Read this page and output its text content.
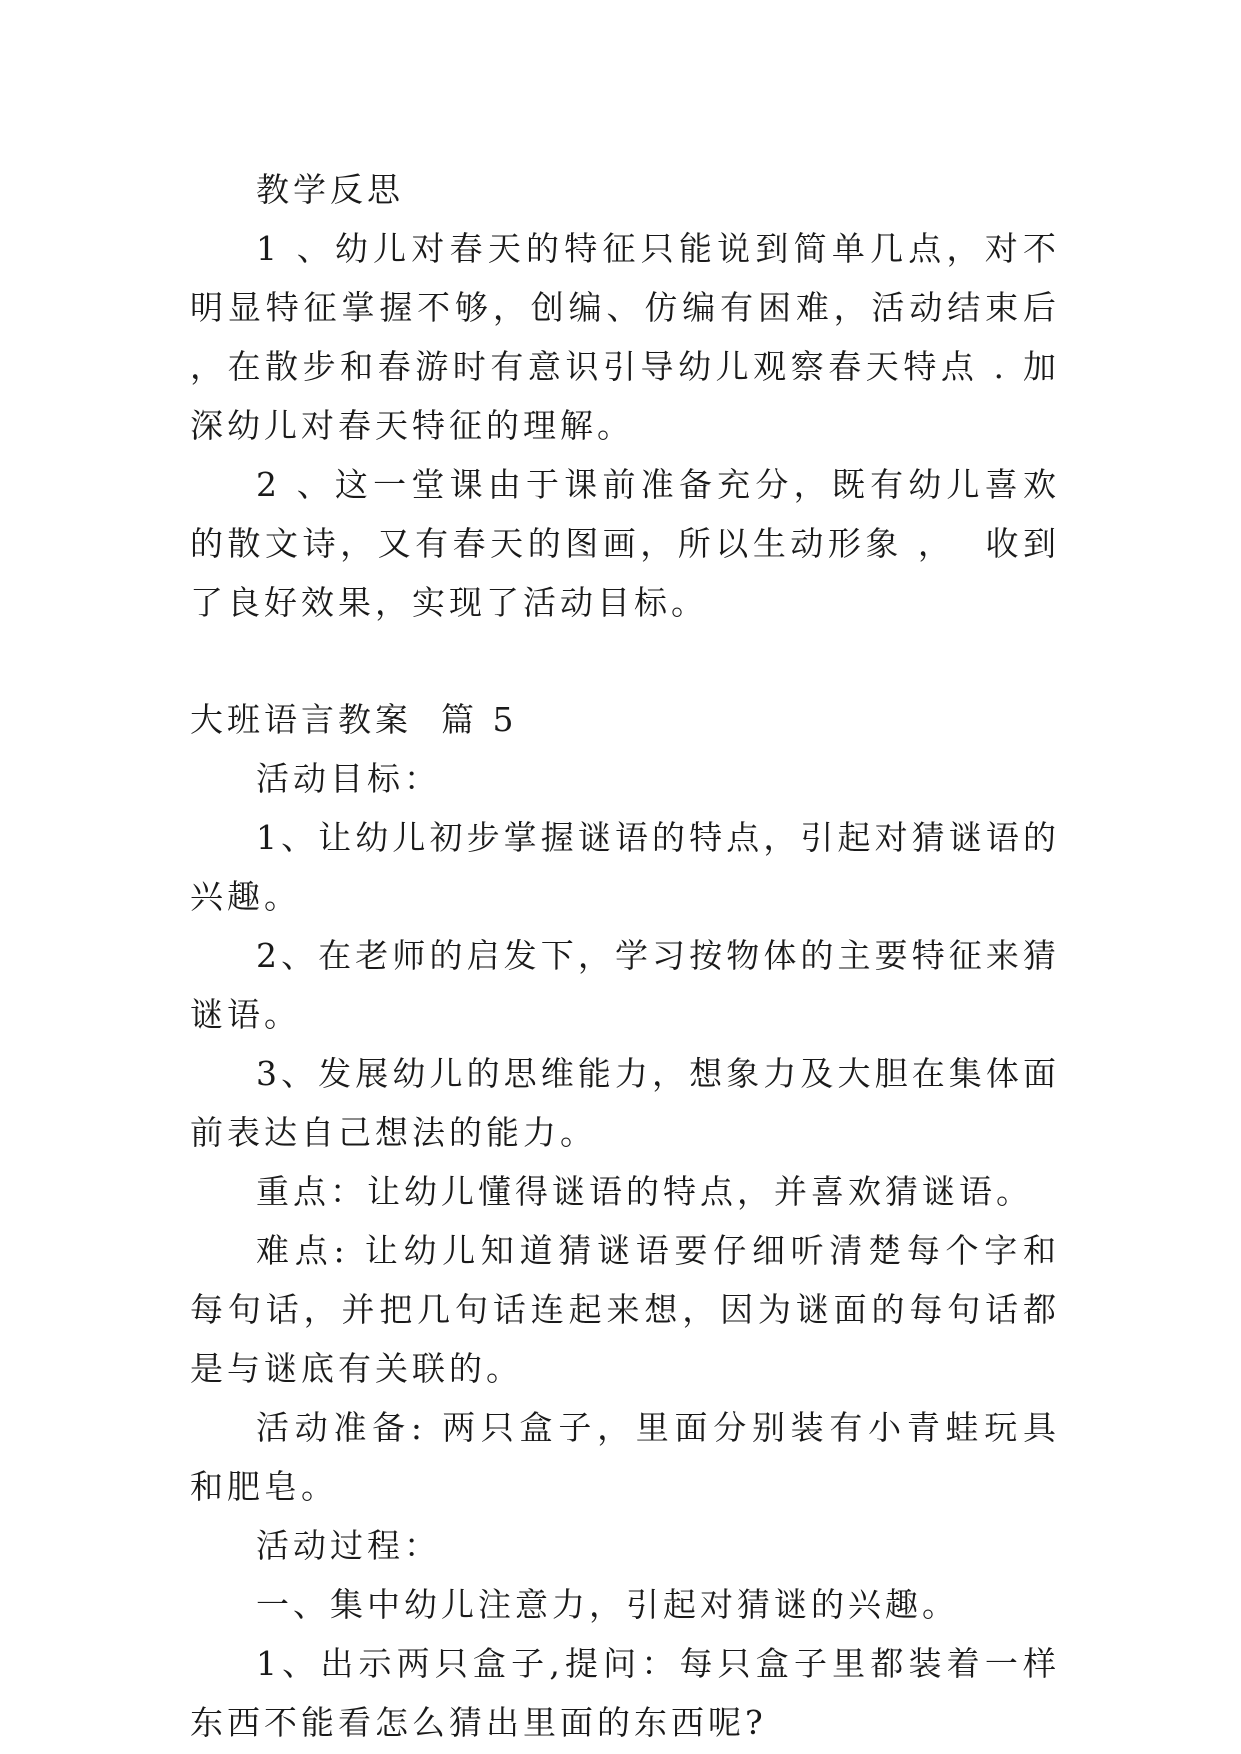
教学反思

1 、幼儿对春天的特征只能说到简单几点，对不明显特征掌握不够，创编、仿编有困难，活动结束后 ，在散步和春游时有意识引导幼儿观察春天特点 . 加深幼儿对春天特征的理解。

2 、这一堂课由于课前准备充分，既有幼儿喜欢的散文诗，又有春天的图画，所以生动形象 ，  收到了良好效果，实现了活动目标。

大班语言教案  篇 5

活动目标：

1、让幼儿初步掌握谜语的特点，引起对猜谜语的兴趣。

2、在老师的启发下，学习按物体的主要特征来猜谜语。

3、发展幼儿的思维能力，想象力及大胆在集体面前表达自己想法的能力。

重点：让幼儿懂得谜语的特点，并喜欢猜谜语。

难点: 让幼儿知道猜谜语要仔细听清楚每个字和每句话，并把几句话连起来想，因为谜面的每句话都是与谜底有关联的。

活动准备: 两只盒子，里面分别装有小青蛙玩具和肥皂。

活动过程：

一、集中幼儿注意力，引起对猜谜的兴趣。

1、出示两只盒子,提问：每只盒子里都装着一样东西不能看怎么猜出里面的东西呢?
